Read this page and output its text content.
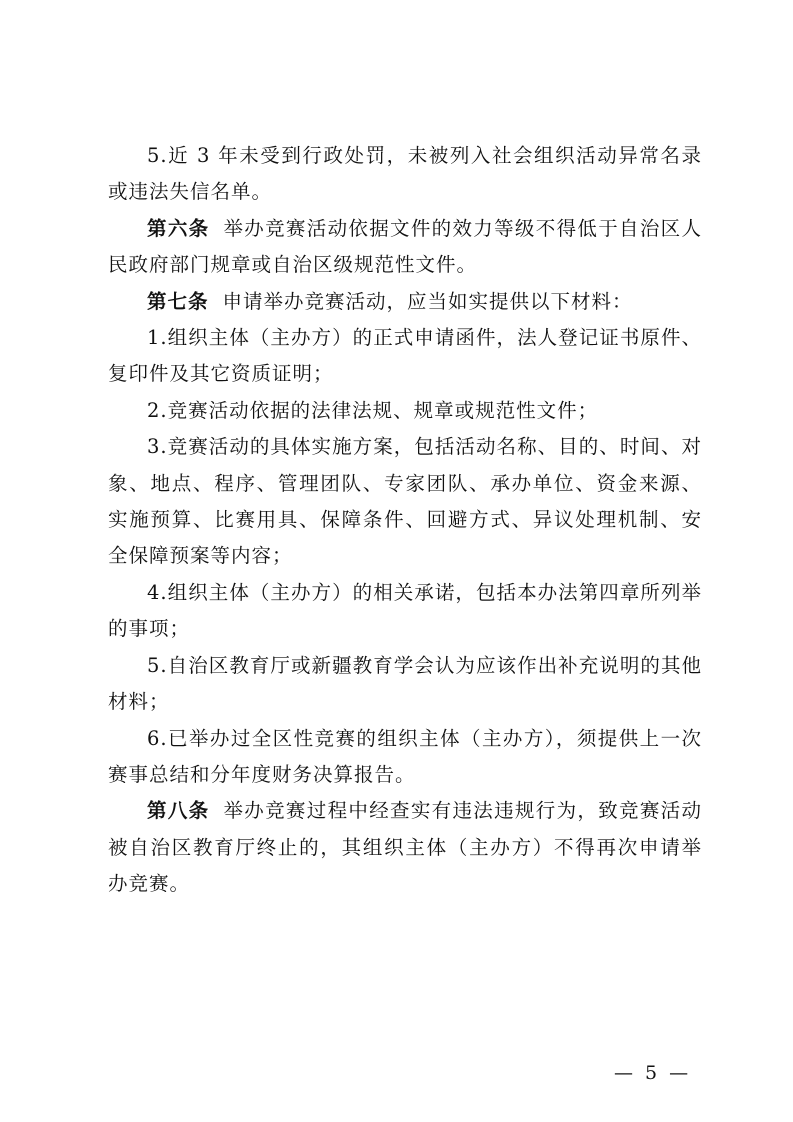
5.近 3 年未受到行政处罚，未被列入社会组织活动异常名录或违法失信名单。

第六条 举办竞赛活动依据文件的效力等级不得低于自治区人民政府部门规章或自治区级规范性文件。

第七条 申请举办竞赛活动，应当如实提供以下材料：

1.组织主体（主办方）的正式申请函件，法人登记证书原件、复印件及其它资质证明；

2.竞赛活动依据的法律法规、规章或规范性文件；

3.竞赛活动的具体实施方案，包括活动名称、目的、时间、对象、地点、程序、管理团队、专家团队、承办单位、资金来源、实施预算、比赛用具、保障条件、回避方式、异议处理机制、安全保障预案等内容；

4.组织主体（主办方）的相关承诺，包括本办法第四章所列举的事项；

5.自治区教育厅或新疆教育学会认为应该作出补充说明的其他材料；

6.已举办过全区性竞赛的组织主体（主办方），须提供上一次赛事总结和分年度财务决算报告。

第八条 举办竞赛过程中经查实有违法违规行为，致竞赛活动被自治区教育厅终止的，其组织主体（主办方）不得再次申请举办竞赛。

— 5 —
